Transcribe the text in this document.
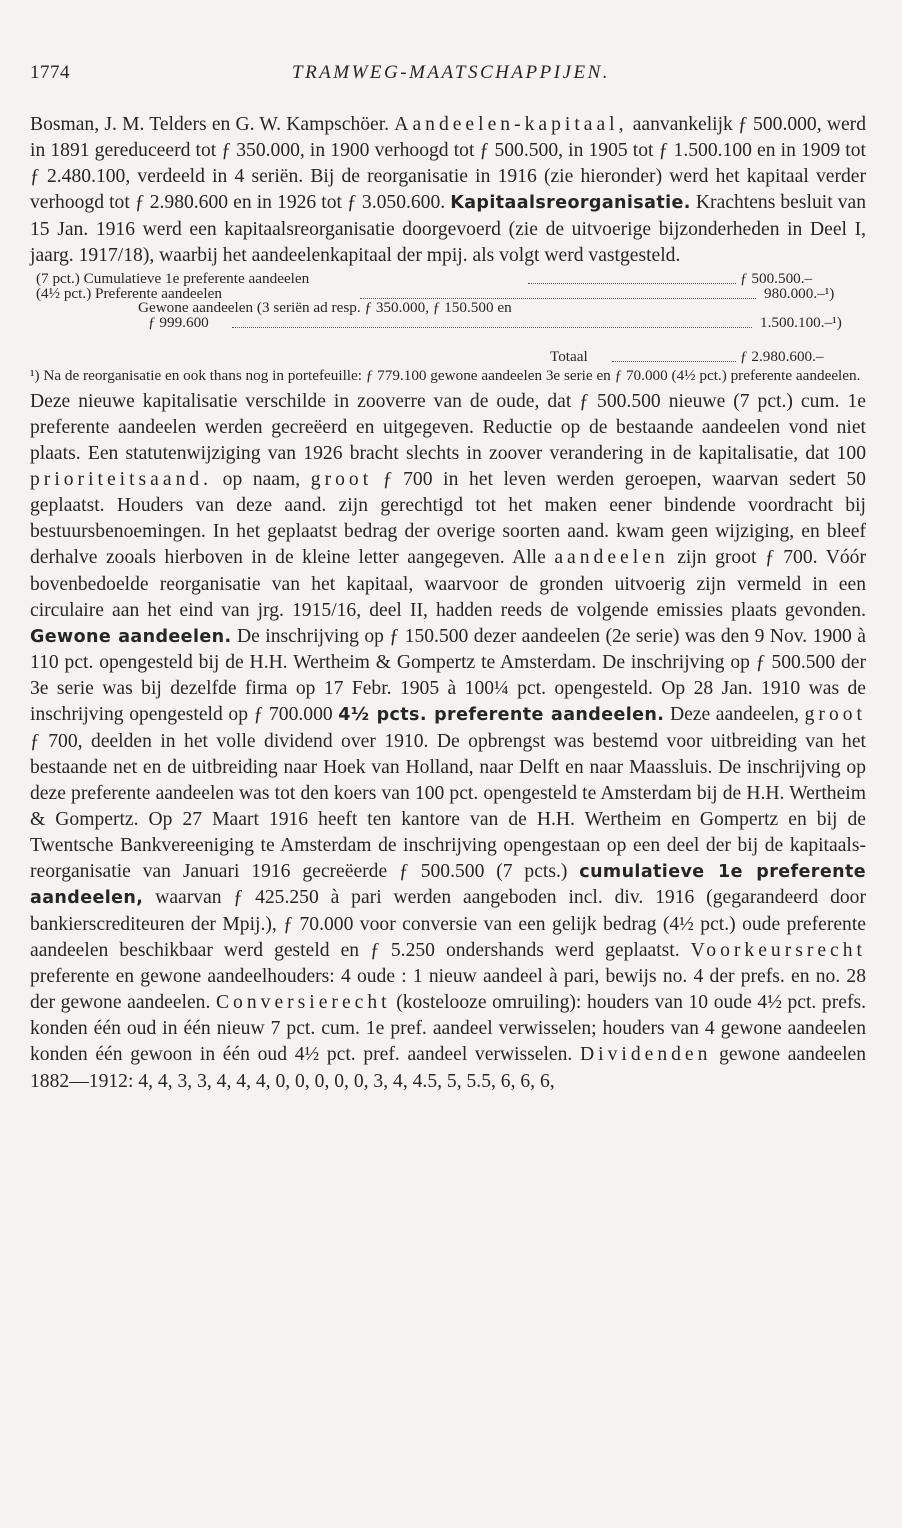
1774	TRAMWEG-MAATSCHAPPIJEN.

Bosman, J. M. Telders en G. W. Kampschöer. Aandeelen-kapitaal, aanvankelijk ƒ 500.000, werd in 1891 gereduceerd tot ƒ 350.000, in 1900 verhoogd tot ƒ 500.500, in 1905 tot ƒ 1.500.100 en in 1909 tot ƒ 2.480.100, verdeeld in 4 seriën. Bij de reorganisatie in 1916 (zie hieronder) werd het kapitaal verder verhoogd tot ƒ 2.980.600 en in 1926 tot ƒ 3.050.600. Kapitaalsreorganisatie. Krachtens besluit van 15 Jan. 1916 werd een kapitaalsreorganisatie doorgevoerd (zie de uitvoerige bijzonderheden in Deel I, jaarg. 1917/18), waarbij het aandeelenkapitaal der mpij. als volgt werd vastgesteld.

(7 pct.) Cumulatieve 1e preferente aandeelen	ƒ 500.500.–
(4½ pct.) Preferente aandeelen	980.000.–¹)
Gewone aandeelen (3 seriën ad resp. ƒ 350.000, ƒ 150.500 en
ƒ 999.600	1.500.100.–¹)
Totaal	ƒ 2.980.600.–

¹) Na de reorganisatie en ook thans nog in portefeuille: ƒ 779.100 gewone aandeelen 3e serie en ƒ 70.000 (4½ pct.) preferente aandeelen.

Deze nieuwe kapitalisatie verschilde in zooverre van de oude, dat ƒ 500.500 nieuwe (7 pct.) cum. 1e preferente aandeelen werden gecreëerd en uitgegeven. Reductie op de bestaande aandeelen vond niet plaats. Een statutenwijziging van 1926 bracht slechts in zoover verandering in de kapitalisatie, dat 100 prioriteitsaand. op naam, groot ƒ 700 in het leven werden geroepen, waarvan sedert 50 geplaatst. Houders van deze aand. zijn gerechtigd tot het maken eener bindende voordracht bij bestuursbenoemingen. In het geplaatst bedrag der overige soorten aand. kwam geen wijziging, en bleef derhalve zooals hierboven in de kleine letter aangegeven. Alle aandeelen zijn groot ƒ 700. Vóór bovenbedoelde reorganisatie van het kapitaal, waarvoor de gronden uitvoerig zijn vermeld in een circulaire aan het eind van jrg. 1915/16, deel II, hadden reeds de volgende emissies plaats gevonden. Gewone aandeelen. De inschrijving op ƒ 150.500 dezer aandeelen (2e serie) was den 9 Nov. 1900 à 110 pct. opengesteld bij de H.H. Wertheim & Gompertz te Amsterdam. De inschrijving op ƒ 500.500 der 3e serie was bij dezelfde firma op 17 Febr. 1905 à 100¼ pct. opengesteld. Op 28 Jan. 1910 was de inschrijving opengesteld op ƒ 700.000 4½ pcts. preferente aandeelen. Deze aandeelen, groot ƒ 700, deelden in het volle dividend over 1910. De opbrengst was bestemd voor uitbreiding van het bestaande net en de uitbreiding naar Hoek van Holland, naar Delft en naar Maassluis. De inschrijving op deze preferente aandeelen was tot den koers van 100 pct. opengesteld te Amsterdam bij de H.H. Wertheim & Gompertz. Op 27 Maart 1916 heeft ten kantore van de H.H. Wertheim en Gompertz en bij de Twentsche Bankvereeniging te Amsterdam de inschrijving opengestaan op een deel der bij de kapitaals-reorganisatie van Januari 1916 gecreëerde ƒ 500.500 (7 pcts.) cumulatieve 1e preferente aandeelen, waarvan ƒ 425.250 à pari werden aangeboden incl. div. 1916 (gegarandeerd door bankierscrediteuren der Mpij.), ƒ 70.000 voor conversie van een gelijk bedrag (4½ pct.) oude preferente aandeelen beschikbaar werd gesteld en ƒ 5.250 ondershands werd geplaatst. Voorkeursrecht preferente en gewone aandeelhouders: 4 oude : 1 nieuw aandeel à pari, bewijs no. 4 der prefs. en no. 28 der gewone aandeelen. Conversierecht (kostelooze omruiling): houders van 10 oude 4½ pct. prefs. konden één oud in één nieuw 7 pct. cum. 1e pref. aandeel verwisselen; houders van 4 gewone aandeelen konden één gewoon in één oud 4½ pct. pref. aandeel verwisselen. Dividenden gewone aandeelen 1882—1912: 4, 4, 3, 3, 4, 4, 4, 0, 0, 0, 0, 0, 3, 4, 4.5, 5, 5.5, 6, 6, 6,
